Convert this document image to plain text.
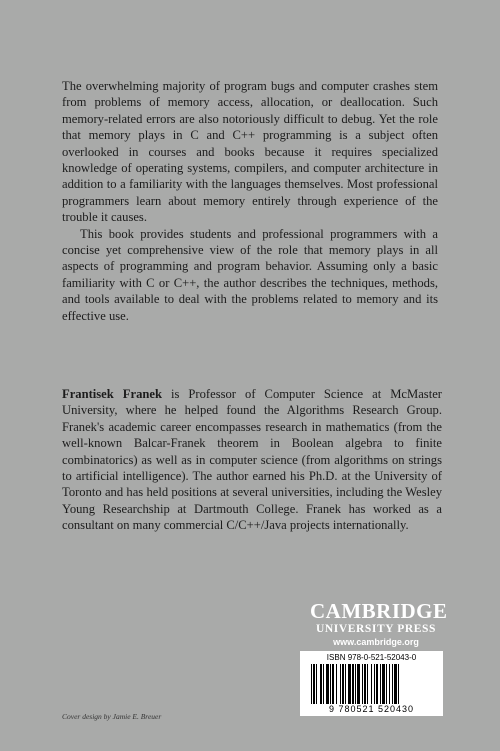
The overwhelming majority of program bugs and computer crashes stem from problems of memory access, allocation, or deallocation. Such memory-related errors are also notoriously difficult to debug. Yet the role that memory plays in C and C++ programming is a subject often overlooked in courses and books because it requires specialized knowledge of operating systems, compilers, and computer architecture in addition to a familiarity with the languages themselves. Most professional programmers learn about memory entirely through experience of the trouble it causes.

This book provides students and professional programmers with a concise yet comprehensive view of the role that memory plays in all aspects of programming and program behavior. Assuming only a basic familiarity with C or C++, the author describes the techniques, methods, and tools available to deal with the problems related to memory and its effective use.

Frantisek Franek is Professor of Computer Science at McMaster University, where he helped found the Algorithms Research Group. Franek's academic career encompasses research in mathematics (from the well-known Balcar-Franek theorem in Boolean algebra to finite combinatorics) as well as in computer science (from algorithms on strings to artificial intelligence). The author earned his Ph.D. at the University of Toronto and has held positions at several universities, including the Wesley Young Researchship at Dartmouth College. Franek has worked as a consultant on many commercial C/C++/Java projects internationally.

CAMBRIDGE
UNIVERSITY PRESS
www.cambridge.org
ISBN 978-0-521-52043-0
9 780521 520430
Cover design by Jamie E. Breuer
